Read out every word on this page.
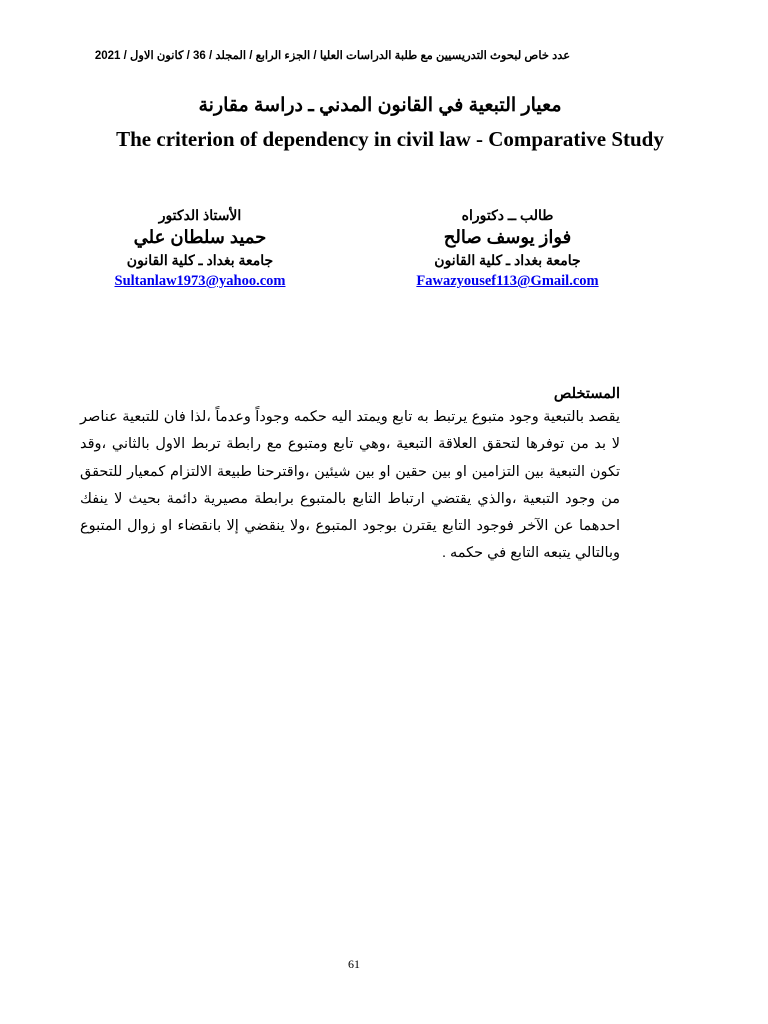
عدد خاص لبحوث التدريسيين مع طلبة الدراسات العليا / الجزء الرابع / المجلد / 36 / كانون الاول / 2021
معيار التبعية في القانون المدني ـ دراسة مقارنة
The criterion of dependency in civil law - Comparative Study
طالب ــ دكتوراه
فواز يوسف صالح
جامعة بغداد ـ كلية القانون
Fawazyousef113@Gmail.com
الأستاذ الدكتور
حميد سلطان علي
جامعة بغداد ـ كلية القانون
Sultanlaw1973@yahoo.com
المستخلص
يقصد بالتبعية وجود متبوع يرتبط به تابع ويمتد اليه حكمه وجوداً وعدماً ،لذا فان للتبعية عناصر لا بد من توفرها لتحقق العلاقة التبعية ،وهي تابع ومتبوع مع رابطة تربط الاول بالثاني ،وقد تكون التبعية بين التزامين او بين حقين او بين شيئين ،واقترحنا طبيعة الالتزام كمعيار للتحقق من وجود التبعية ،والذي يقتضي ارتباط التابع بالمتبوع برابطة مصيرية دائمة بحيث لا ينفك احدهما عن الآخر فوجود التابع يقترن بوجود المتبوع ،ولا ينقضي إلا بانقضاء او زوال المتبوع وبالتالي يتبعه التابع في حكمه .
61
